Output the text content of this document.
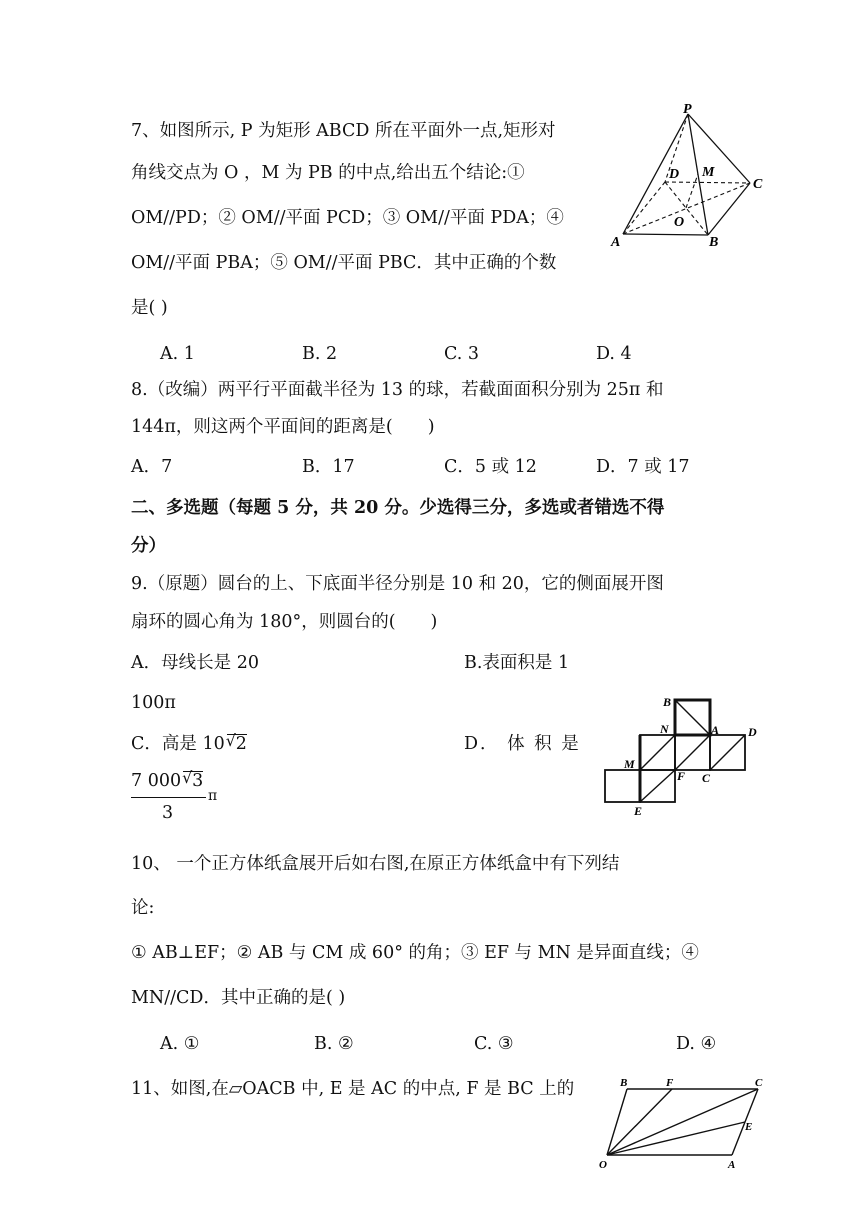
7、如图所示, P 为矩形 ABCD 所在平面外一点,矩形对
角线交点为 O ，M 为 PB 的中点,给出五个结论:①
OM//PD；② OM//平面 PCD；③ OM//平面 PDA；④
OM//平面 PBA；⑤ OM//平面 PBC．其中正确的个数
是( )
A. 1	B. 2	C. 3	D. 4
P
D M
C
O
A	B
8.（改编）两平行平面截半径为 13 的球，若截面面积分别为 25π 和
144π，则这两个平面间的距离是(　　)
A．7	B．17	C．5 或 12	D．7 或 17
二、多选题（每题 5 分，共 20 分。少选得三分，多选或者错选不得
分）
9.（原题）圆台的上、下底面半径分别是 10 和 20，它的侧面展开图
扇环的圆心角为 180°，则圆台的(　　)
A．母线长是 20	B.表面积是 1
100π
C．高是 10 √ 2	D． 体 积 是
7 000 √ 3
3
π
B
N	A D
M
F C
E
10、 一个正方体纸盒展开后如右图,在原正方体纸盒中有下列结
论:
① AB⊥EF；② AB 与 CM 成 60° 的角；③ EF 与 MN 是异面直线；④
MN//CD．其中正确的是( )
A. ①	B. ②	C. ③	D. ④
11、如图,在▱OACB 中, E 是 AC 的中点, F 是 BC 上的	B	F	C
E
O	A
